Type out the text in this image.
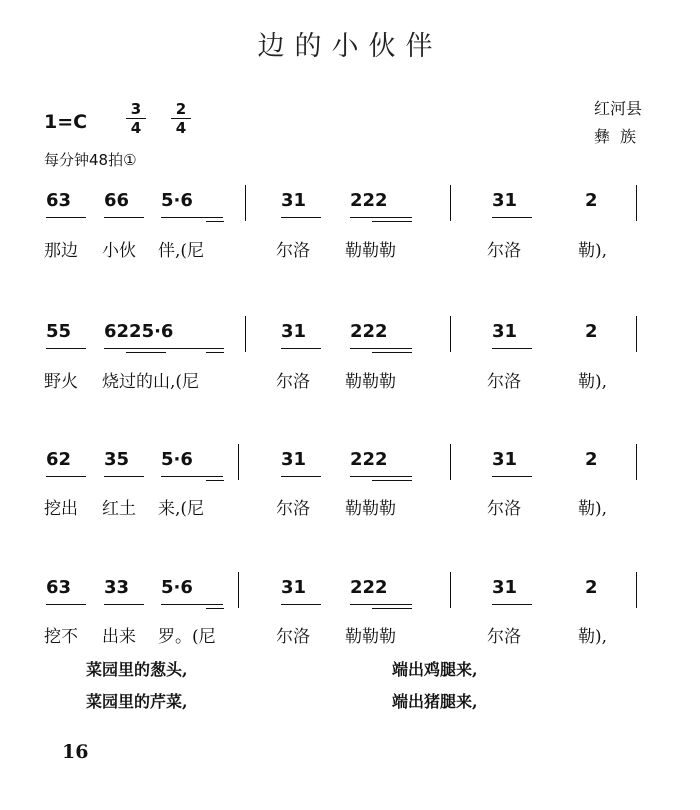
边的小伙伴
1=C	$\frac{3}{4} \frac{2}{4}$
每分钟48拍①
红河县
彝族
63 66 5·6	31 222	31	2
那边 小伙 伴,(尼	尔洛 勒勒勒	尔洛	勒),
55 6225·6	31 222	31	2
野火 烧过的山,(尼	尔洛 勒勒勒	尔洛	勒),
62 35 5·6	31 222	31	2
挖出 红土 来,(尼	尔洛 勒勒勒	尔洛	勒),
63 33 5·6	31 222	31	2
挖不 出来 罗。(尼	尔洛 勒勒勒	尔洛	勒),
菜园里的葱头,	端出鸡腿来,
菜园里的芹菜,	端出猪腿来,
16
